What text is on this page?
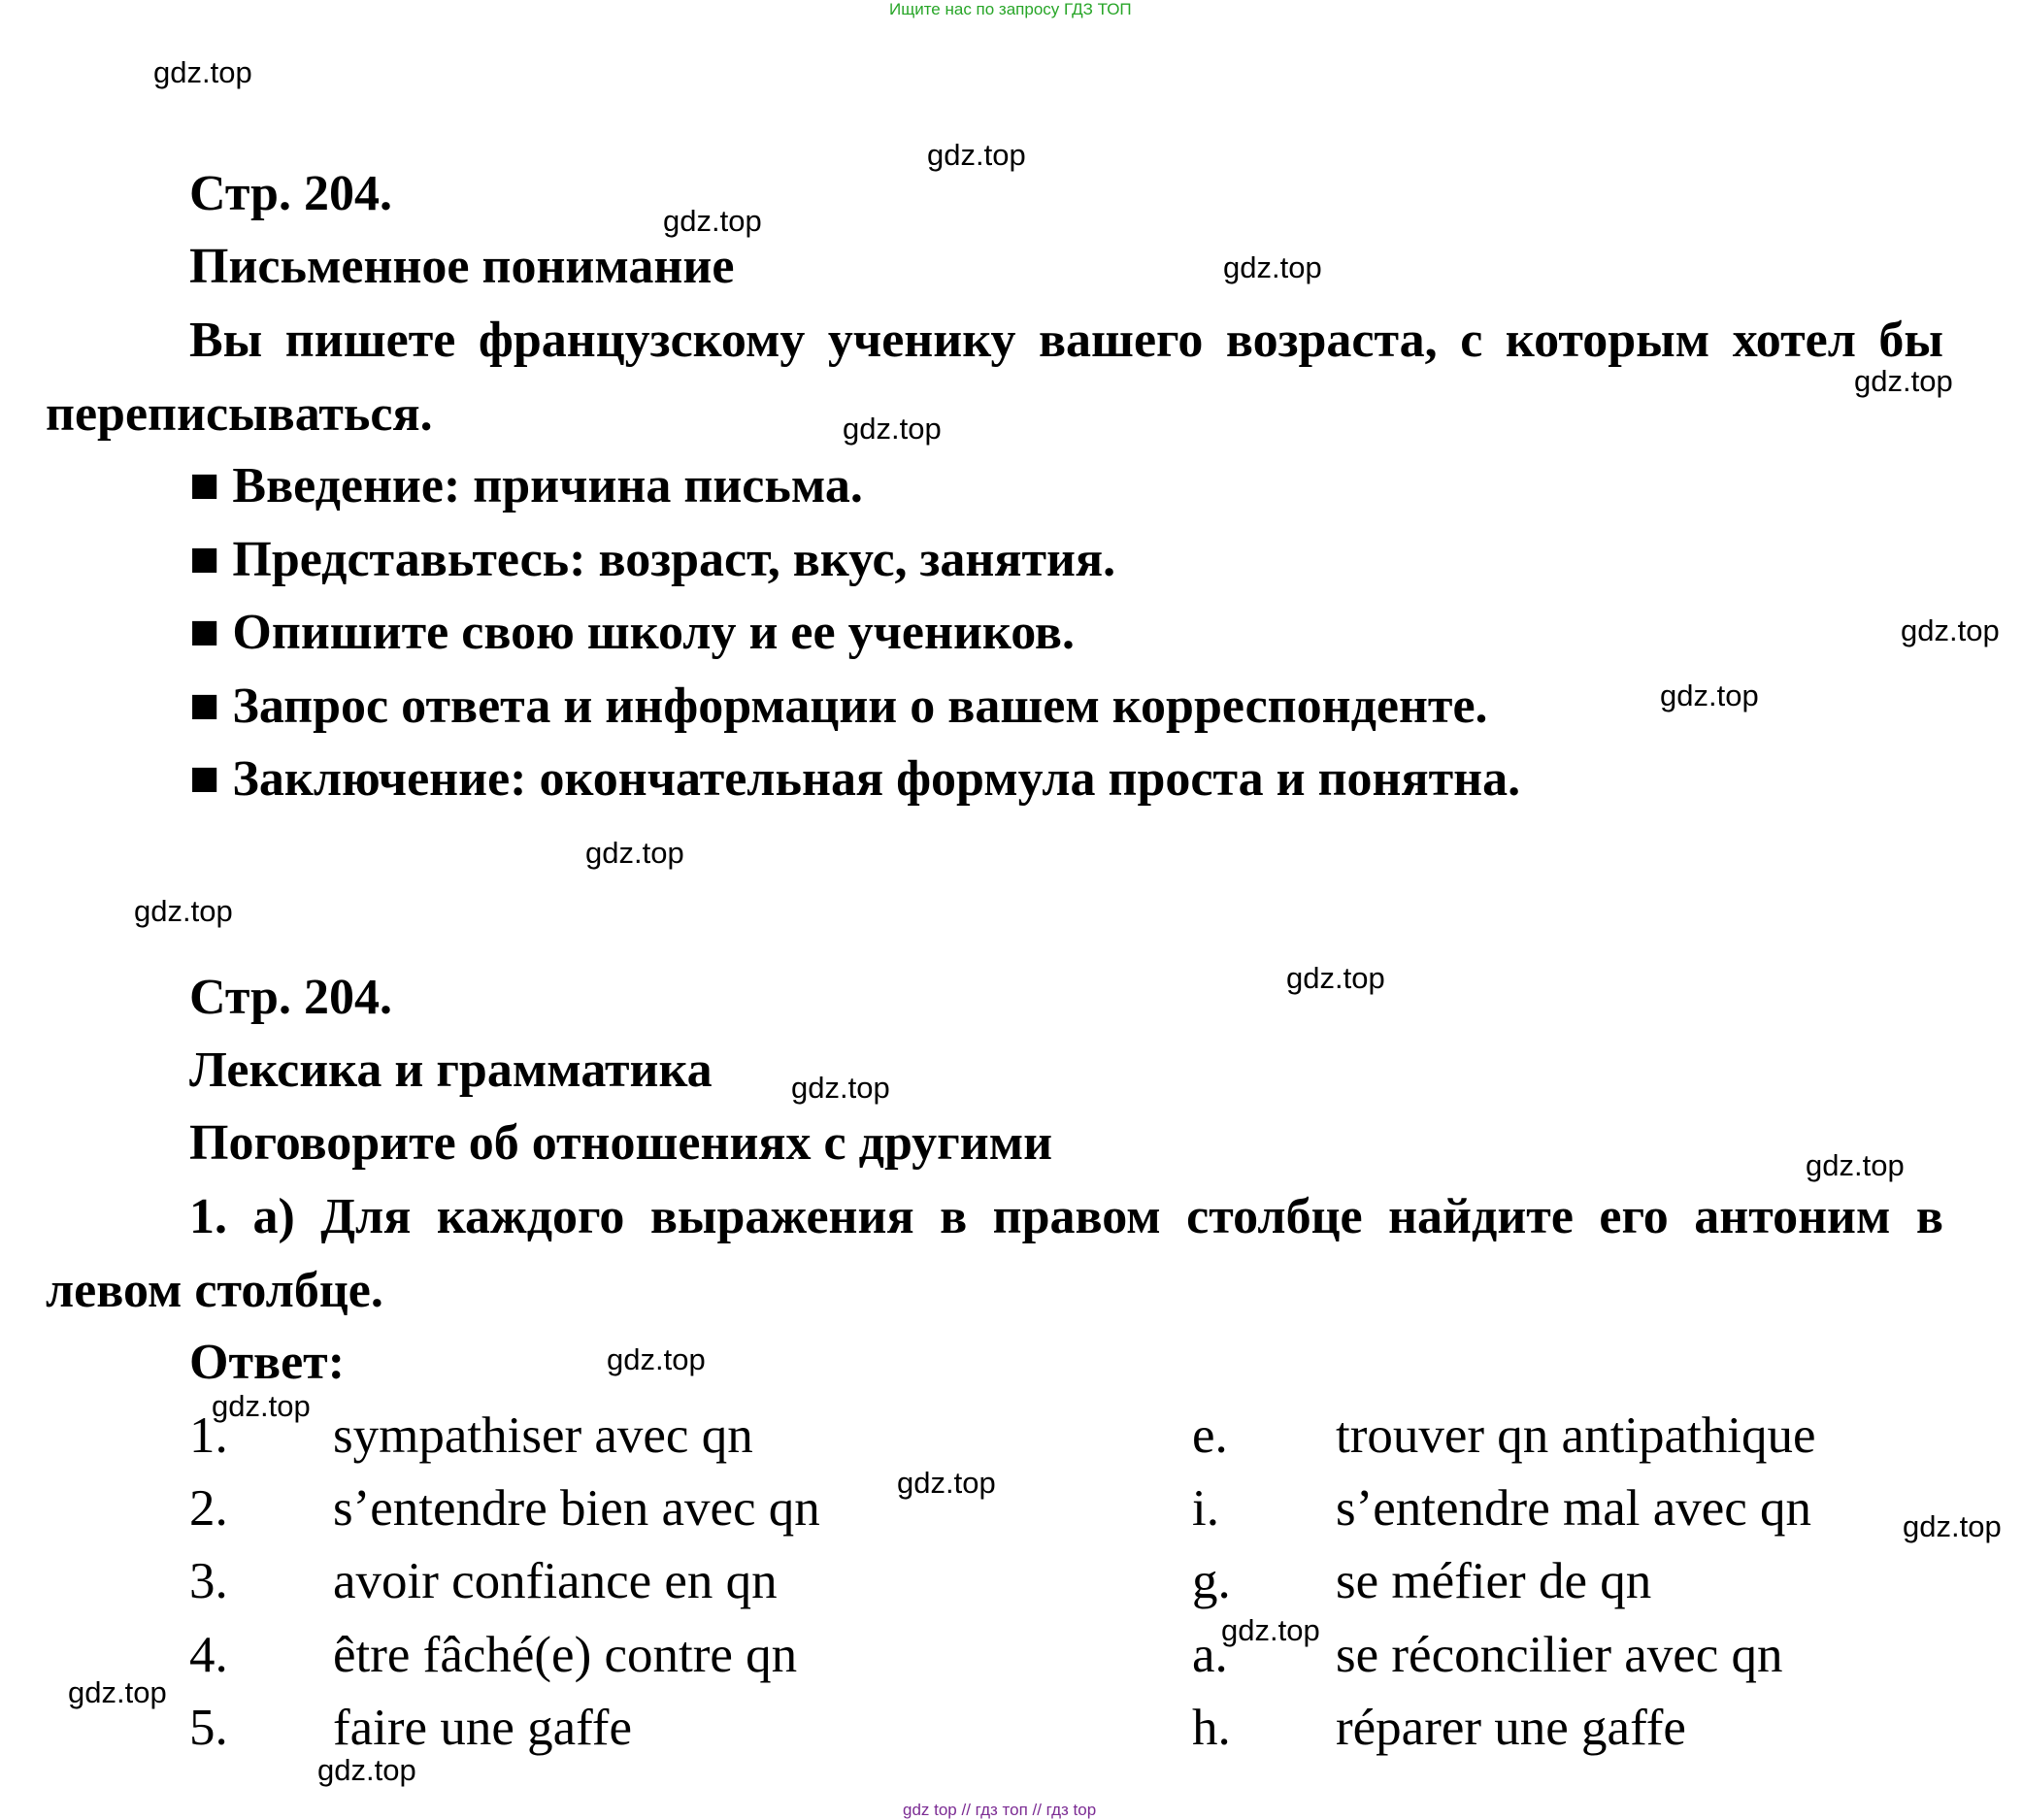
Ищите нас по запросу ГДЗ ТОП
gdz top // гдз топ // гдз top
Стр. 204.
Письменное понимание
Вы пишете французскому ученику вашего возраста, с которым хотел бы переписываться.
■ Введение: причина письма.
■ Представьтесь: возраст, вкус, занятия.
■ Опишите свою школу и ее учеников.
■ Запрос ответа и информации о вашем корреспонденте.
■ Заключение: окончательная формула проста и понятна.
Стр. 204.
Лексика и грамматика
Поговорите об отношениях с другими
1. а) Для каждого выражения в правом столбце найдите его антоним в левом столбце.
Ответ:
1. sympathiser avec qn	e. trouver qn antipathique
2. s’entendre bien avec qn	i. s’entendre mal avec qn
3. avoir confiance en qn	g. se méfier de qn
4. être fâché(e) contre qn	a. se réconcilier avec qn
5. faire une gaffe	h. réparer une gaffe
gdz.top
gdz.top
gdz.top
gdz.top
gdz.top
gdz.top
gdz.top
gdz.top
gdz.top
gdz.top
gdz.top
gdz.top
gdz.top
gdz.top
gdz.top
gdz.top
gdz.top
gdz.top
gdz.top
gdz.top
